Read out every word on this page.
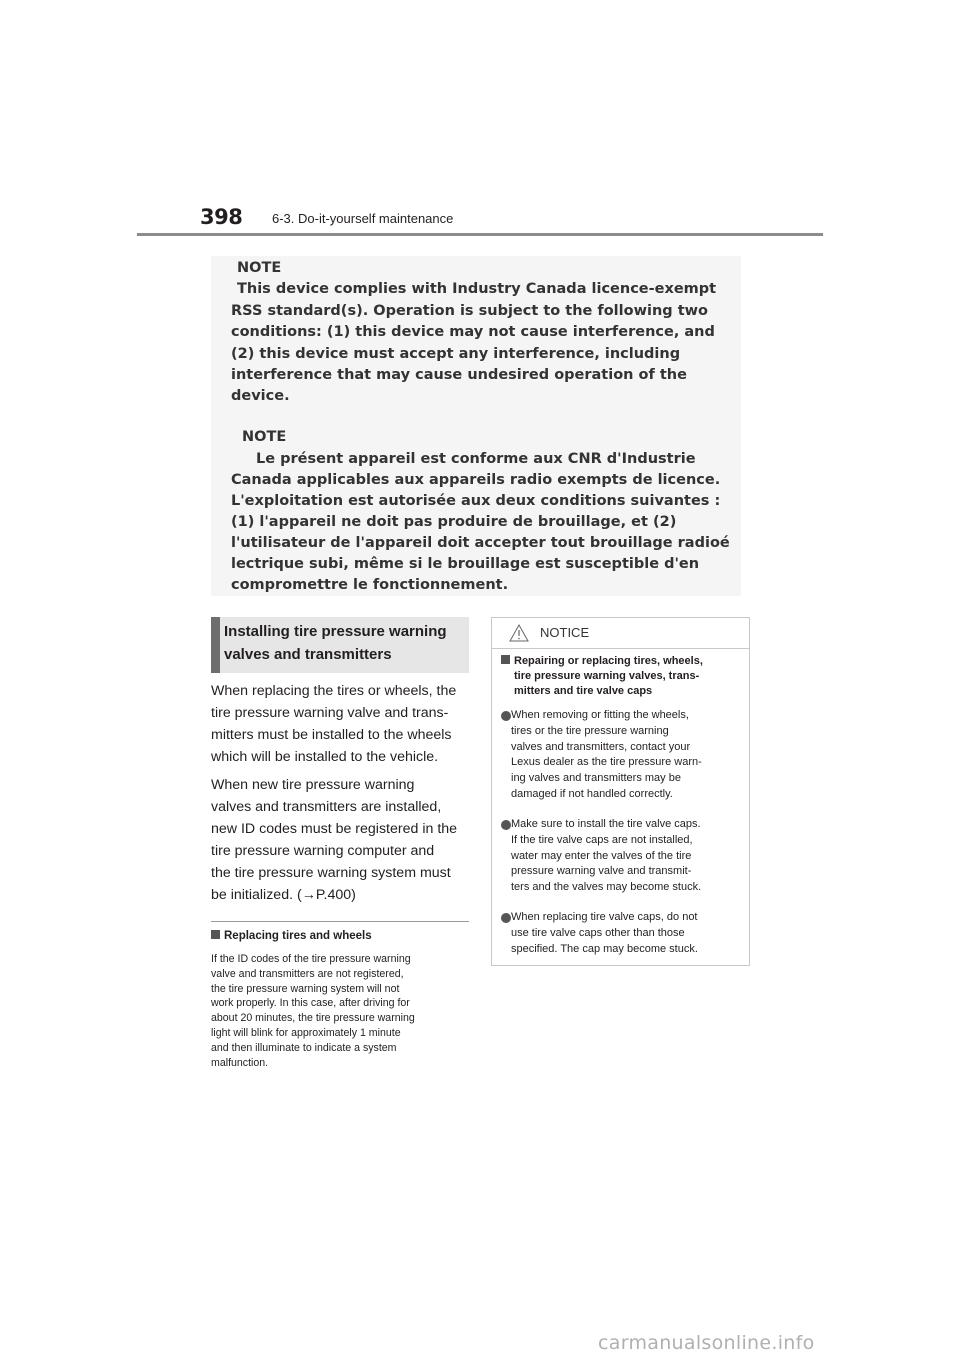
398 6-3. Do-it-yourself maintenance
NOTE
This device complies with Industry Canada licence-exempt
RSS standard(s). Operation is subject to the following two
conditions: (1) this device may not cause interference, and
(2) this device must accept any interference, including
interference that may cause undesired operation of the
device.
NOTE
Le présent appareil est conforme aux CNR d'Industrie
Canada applicables aux appareils radio exempts de licence.
L'exploitation est autorisée aux deux conditions suivantes :
(1) l'appareil ne doit pas produire de brouillage, et (2)
l'utilisateur de l'appareil doit accepter tout brouillage radioé
lectrique subi, même si le brouillage est susceptible d'en
compromettre le fonctionnement.
Installing tire pressure warning
valves and transmitters
When replacing the tires or wheels, the
tire pressure warning valve and trans-
mitters must be installed to the wheels
which will be installed to the vehicle.
When new tire pressure warning
valves and transmitters are installed,
new ID codes must be registered in the
tire pressure warning computer and
the tire pressure warning system must
be initialized. (→P.400)
Replacing tires and wheels
If the ID codes of the tire pressure warning
valve and transmitters are not registered,
the tire pressure warning system will not
work properly. In this case, after driving for
about 20 minutes, the tire pressure warning
light will blink for approximately 1 minute
and then illuminate to indicate a system
malfunction.
NOTICE
Repairing or replacing tires, wheels,
tire pressure warning valves, trans-
mitters and tire valve caps
When removing or fitting the wheels,
tires or the tire pressure warning
valves and transmitters, contact your
Lexus dealer as the tire pressure warn-
ing valves and transmitters may be
damaged if not handled correctly.
Make sure to install the tire valve caps.
If the tire valve caps are not installed,
water may enter the valves of the tire
pressure warning valve and transmit-
ters and the valves may become stuck.
When replacing tire valve caps, do not
use tire valve caps other than those
specified. The cap may become stuck.
carmanualsonline.info
